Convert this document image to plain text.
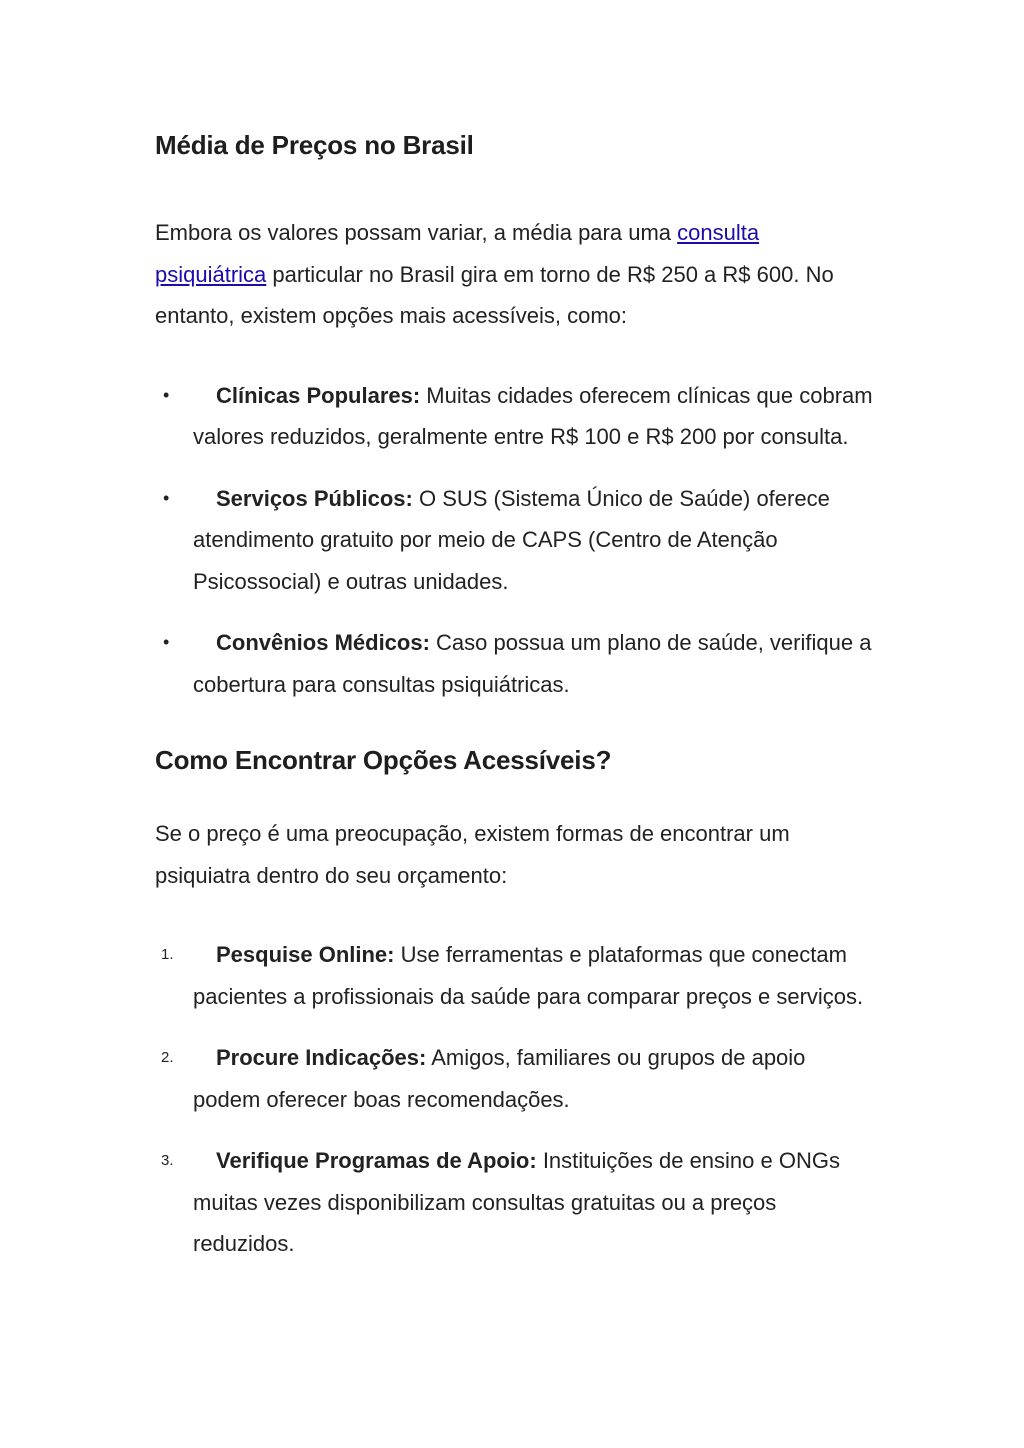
Média de Preços no Brasil

Embora os valores possam variar, a média para uma consulta psiquiátrica particular no Brasil gira em torno de R$ 250 a R$ 600. No entanto, existem opções mais acessíveis, como:

•	Clínicas Populares: Muitas cidades oferecem clínicas que cobram valores reduzidos, geralmente entre R$ 100 e R$ 200 por consulta.
•	Serviços Públicos: O SUS (Sistema Único de Saúde) oferece atendimento gratuito por meio de CAPS (Centro de Atenção Psicossocial) e outras unidades.
•	Convênios Médicos: Caso possua um plano de saúde, verifique a cobertura para consultas psiquiátricas.
Como Encontrar Opções Acessíveis?

Se o preço é uma preocupação, existem formas de encontrar um psiquiatra dentro do seu orçamento:

1.	Pesquise Online: Use ferramentas e plataformas que conectam pacientes a profissionais da saúde para comparar preços e serviços.
2.	Procure Indicações: Amigos, familiares ou grupos de apoio podem oferecer boas recomendações.
3.	Verifique Programas de Apoio: Instituições de ensino e ONGs muitas vezes disponibilizam consultas gratuitas ou a preços reduzidos.
